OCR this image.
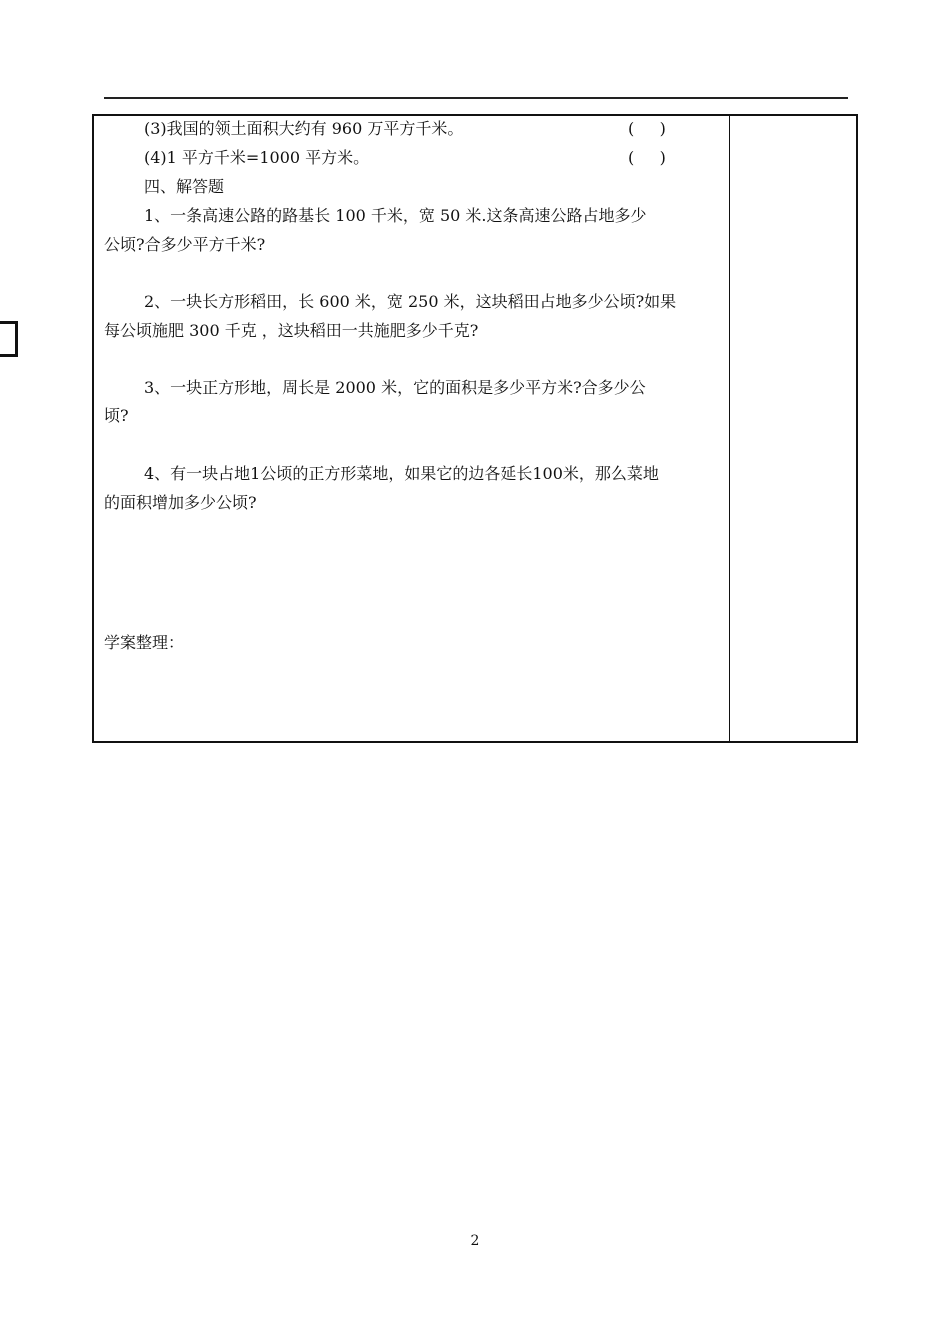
(3)我国的领土面积大约有 960 万平方千米。	(     )
(4)1 平方千米=1000 平方米。	(     )
四、解答题
1、一条高速公路的路基长 100 千米，宽 50 米.这条高速公路占地多少
公顷?合多少平方千米?
2、一块长方形稻田，长 600 米，宽 250 米，这块稻田占地多少公顷?如果
每公顷施肥 300 千克 ，这块稻田一共施肥多少千克?
3、一块正方形地，周长是 2000 米，它的面积是多少平方米?合多少公
顷?
4、有一块占地1公顷的正方形菜地，如果它的边各延长100米，那么菜地
的面积增加多少公顷?
学案整理：
2
